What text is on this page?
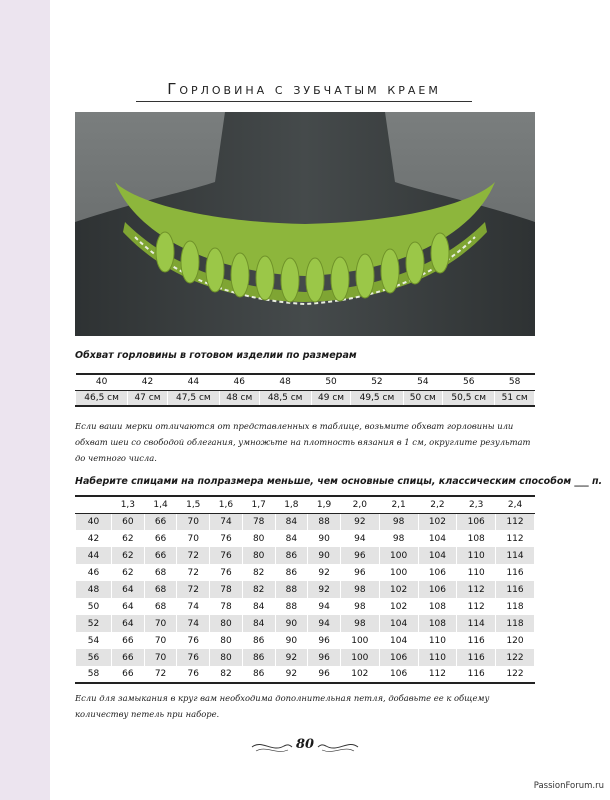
Горловина с зубчатым краем
Обхват горловины в готовом изделии по размерам
40	42	44	46	48	50	52	54	56	58
46,5 см	47 см	47,5 см	48 см	48,5 см	49 см	49,5 см	50 см	50,5 см	51 см
Если ваши мерки отличаются от представленных в таблице, возьмите обхват горловины или обхват шеи со свободой облегания, умножьте на плотность вязания в 1 см, округлите результат до четного числа.
Наберите спицами на полразмера меньше, чем основные спицы, классическим способом ___ п.
	1,3	1,4	1,5	1,6	1,7	1,8	1,9	2,0	2,1	2,2	2,3	2,4
40	60	66	70	74	78	84	88	92	98	102	106	112
42	62	66	70	76	80	84	90	94	98	104	108	112
44	62	66	72	76	80	86	90	96	100	104	110	114
46	62	68	72	76	82	86	92	96	100	106	110	116
48	64	68	72	78	82	88	92	98	102	106	112	116
50	64	68	74	78	84	88	94	98	102	108	112	118
52	64	70	74	80	84	90	94	98	104	108	114	118
54	66	70	76	80	86	90	96	100	104	110	116	120
56	66	70	76	80	86	92	96	100	106	110	116	122
58	66	72	76	82	86	92	96	102	106	112	116	122
Если для замыкания в круг вам необходима дополнительная петля, добавьте ее к общему количеству петель при наборе.
80
PassionForum.ru
